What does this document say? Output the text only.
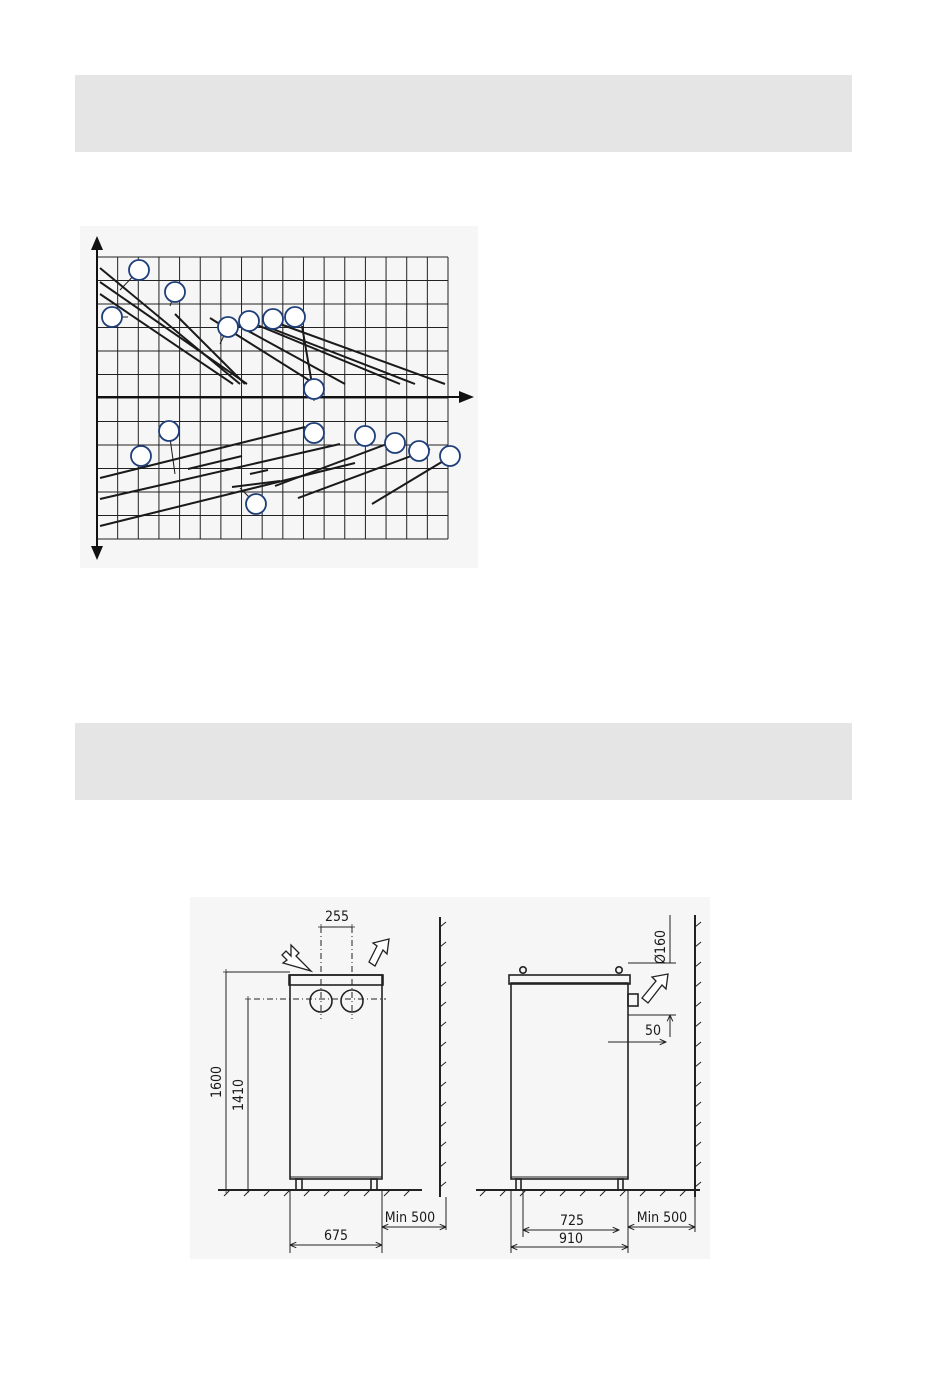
255
1600 1410
675
Min 500
Ø160
50
725
910
Min 500
